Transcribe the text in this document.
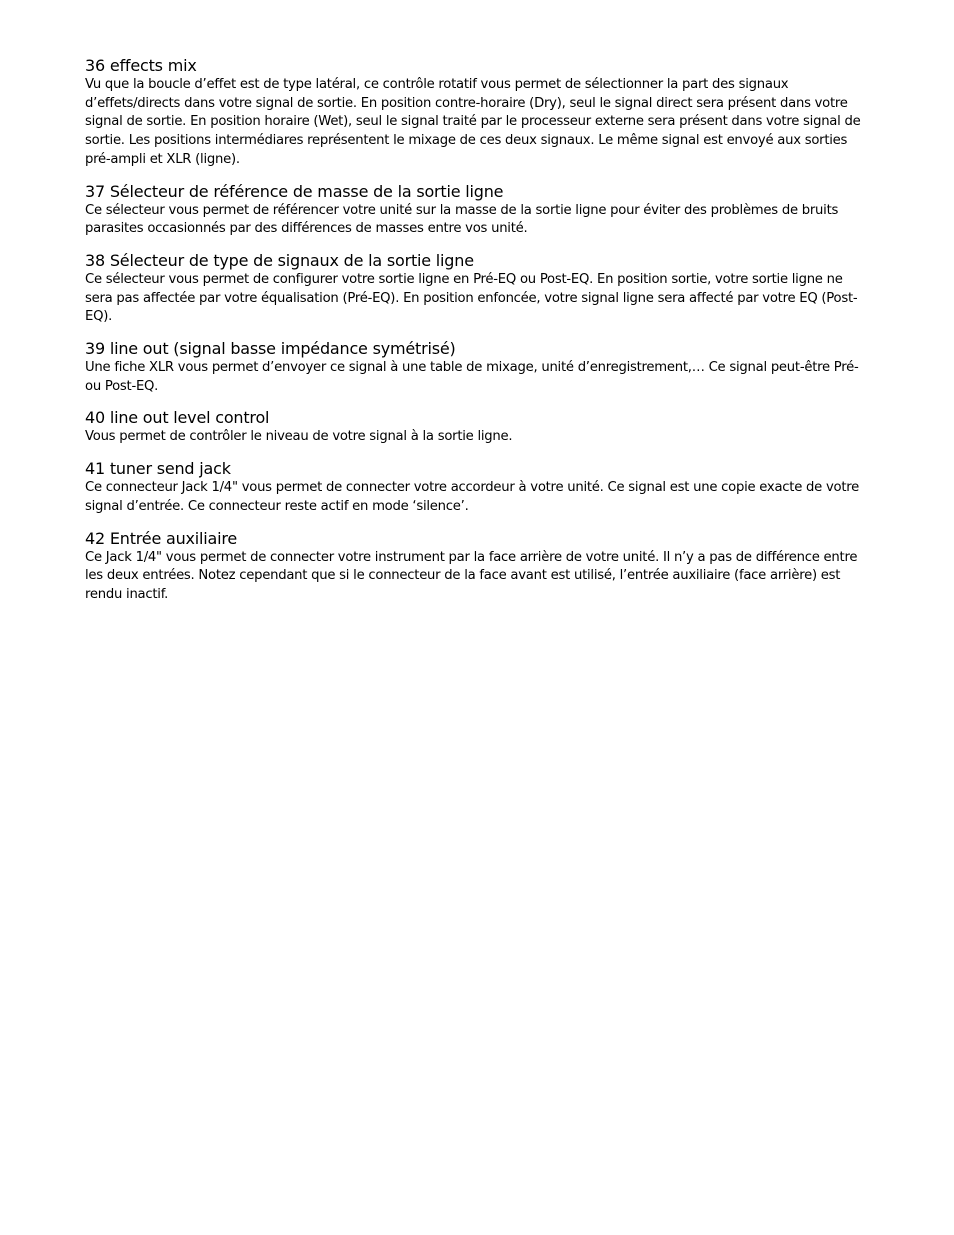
36 effects mix

Vu que la boucle d’effet est de type latéral, ce contrôle rotatif vous permet de sélectionner la part des signaux d’effets/directs dans votre signal de sortie. En position contre-horaire (Dry), seul le signal direct sera présent dans votre signal de sortie. En position horaire (Wet), seul le signal traité par le processeur externe sera présent dans votre signal de sortie. Les positions intermédiares représentent le mixage de ces deux signaux. Le même signal est envoyé aux sorties pré-ampli et XLR (ligne).

37 Sélecteur de référence de masse de la sortie ligne

Ce sélecteur vous permet de référencer votre unité sur la masse de la sortie ligne pour éviter des problèmes de bruits parasites occasionnés par des différences de masses entre vos unité.

38 Sélecteur de type de signaux de la sortie ligne

Ce sélecteur vous permet de configurer votre sortie ligne en Pré-EQ ou Post-EQ. En position sortie, votre sortie ligne ne sera pas affectée par votre équalisation (Pré-EQ). En position enfoncée, votre signal ligne sera affecté par votre EQ (Post-EQ).

39 line out (signal basse impédance symétrisé)

Une fiche XLR vous permet d’envoyer ce signal à une table de mixage, unité d’enregistrement,… Ce signal peut-être Pré- ou Post-EQ.

40 line out level control

Vous permet de contrôler le niveau de votre signal à la sortie ligne.

41 tuner send jack

Ce connecteur Jack 1/4" vous permet de connecter votre accordeur à votre unité. Ce signal est une copie exacte de votre signal d’entrée. Ce connecteur reste actif en mode ‘silence’.

42 Entrée auxiliaire

Ce Jack 1/4" vous permet de connecter votre instrument par la face arrière de votre unité. Il n’y a pas de différence entre les deux entrées. Notez cependant que si le connecteur de la face avant est utilisé, l’entrée auxiliaire (face arrière) est rendu inactif.
